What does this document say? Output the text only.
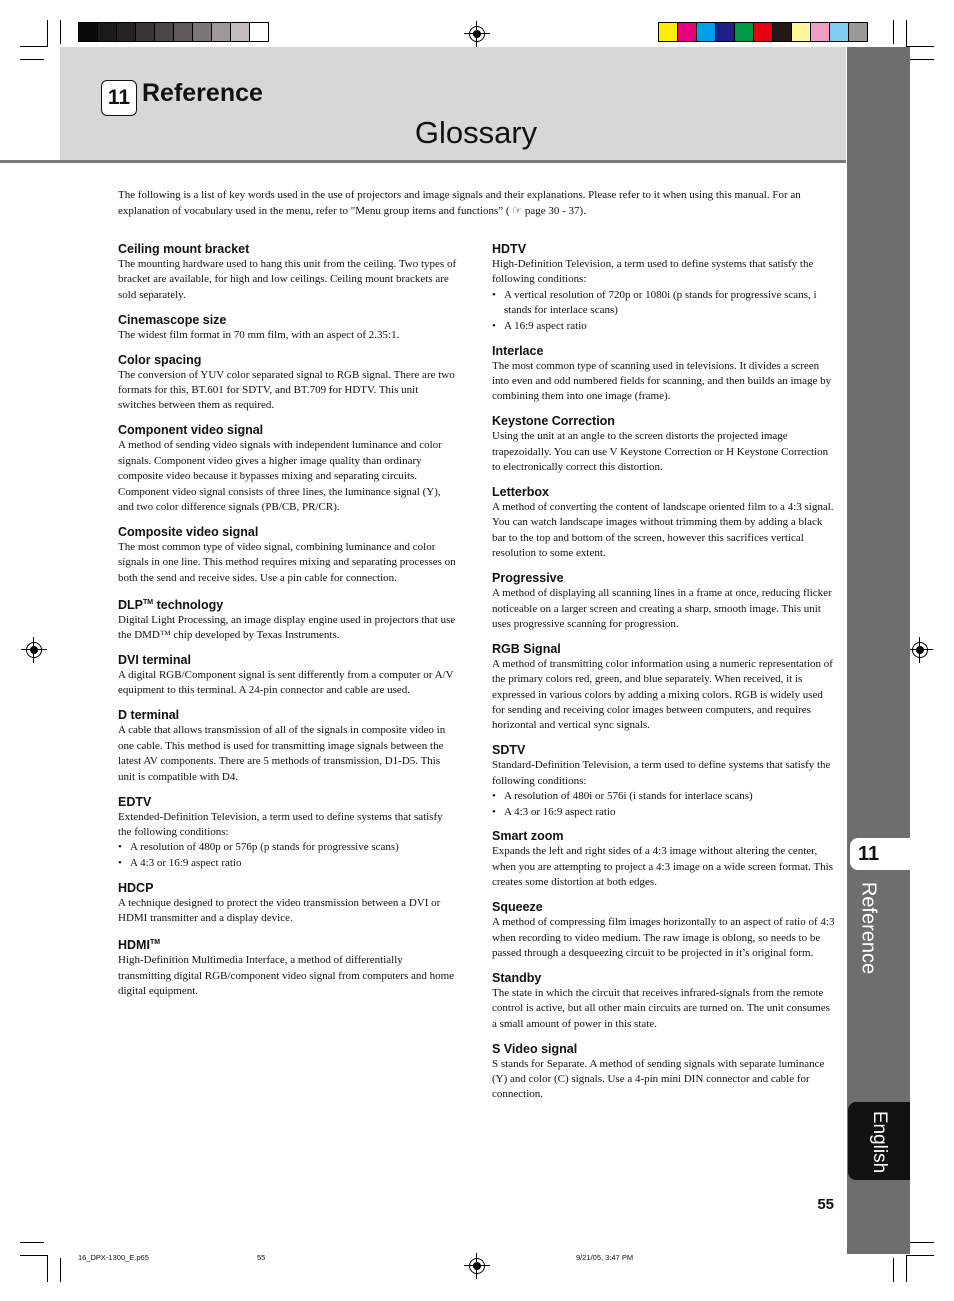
11 Reference
Glossary
11
Reference
English
55
The following is a list of key words used in the use of projectors and image signals and their explanations. Please refer to it when using this manual. For an explanation of vocabulary used in the menu, refer to "Menu group items and functions” ( ☞ page 30 - 37).
Ceiling mount bracket

The mounting hardware used to hang this unit from the ceiling. Two types of bracket are available, for high and low ceilings. Ceiling mount brackets are sold separately.

Cinemascope size

The widest film format in 70 mm film, with an aspect of 2.35:1.

Color spacing

The conversion of YUV color separated signal to RGB signal. There are two formats for this, BT.601 for SDTV, and BT.709 for HDTV. This unit switches between them as required.

Component video signal

A method of sending video signals with independent luminance and color signals. Component video gives a higher image quality than ordinary composite video because it bypasses mixing and separating circuits. Component video signal consists of three lines, the luminance signal (Y), and two color difference signals (PB/CB, PR/CR).

Composite video signal

The most common type of video signal, combining luminance and color signals in one line. This method requires mixing and separating processes on both the send and receive sides. Use a pin cable for connection.

DLP™ technology

Digital Light Processing, an image display engine used in projectors that use the DMD™ chip developed by Texas Instruments.

DVI terminal

A digital RGB/Component signal is sent differently from a computer or A/V equipment to this terminal. A 24-pin connector and cable are used.

D terminal

A cable that allows transmission of all of the signals in composite video in one cable. This method is used for transmitting image signals between the latest AV components. There are 5 methods of transmission, D1-D5. This unit is compatible with D4.

EDTV

Extended-Definition Television, a term used to define systems that satisfy the following conditions:

• A resolution of 480p or 576p (p stands for progressive scans)
• A 4:3 or 16:9 aspect ratio
HDCP

A technique designed to protect the video transmission between a DVI or HDMI transmitter and a display device.

HDMI™

High-Definition Multimedia Interface, a method of differentially transmitting digital RGB/component video signal from computers and home digital equipment.

HDTV

High-Definition Television, a term used to define systems that satisfy the following conditions:

• A vertical resolution of 720p or 1080i (p stands for progressive scans, i stands for interlace scans)
• A 16:9 aspect ratio
Interlace

The most common type of scanning used in televisions. It divides a screen into even and odd numbered fields for scanning, and then builds an image by combining them into one image (frame).

Keystone Correction

Using the unit at an angle to the screen distorts the projected image trapezoidally. You can use V Keystone Correction or H Keystone Correction to electronically correct this distortion.

Letterbox

A method of converting the content of landscape oriented film to a 4:3 signal. You can watch landscape images without trimming them by adding a black bar to the top and bottom of the screen, however this sacrifices vertical resolution to some extent.

Progressive

A method of displaying all scanning lines in a frame at once, reducing flicker noticeable on a larger screen and creating a sharp, smooth image. This unit uses progressive scanning for progression.

RGB Signal

A method of transmitting color information using a numeric representation of the primary colors red, green, and blue separately. When received, it is expressed in various colors by adding a mixing colors. RGB is widely used for sending and receiving color images between computers, and requires horizontal and vertical sync signals.

SDTV

Standard-Definition Television, a term used to define systems that satisfy the following conditions:

• A resolution of 480i or 576i (i stands for interlace scans)
• A 4:3 or 16:9 aspect ratio
Smart zoom

Expands the left and right sides of a 4:3 image without altering the center, when you are attempting to project a 4:3 image on a wide screen format. This creates some distortion at both edges.

Squeeze

A method of compressing film images horizontally to an aspect of ratio of 4:3 when recording to video medium. The raw image is oblong, so needs to be passed through a desqueezing circuit to be projected in it’s original form.

Standby

The state in which the circuit that receives infrared-signals from the remote control is active, but all other main circuits are turned on. The unit consumes a small amount of power in this state.

S Video signal

S stands for Separate. A method of sending signals with separate luminance (Y) and color (C) signals. Use a 4-pin mini DIN connector and cable for connection.

16_DPX-1300_E.p65	55	9/21/05, 3:47 PM
